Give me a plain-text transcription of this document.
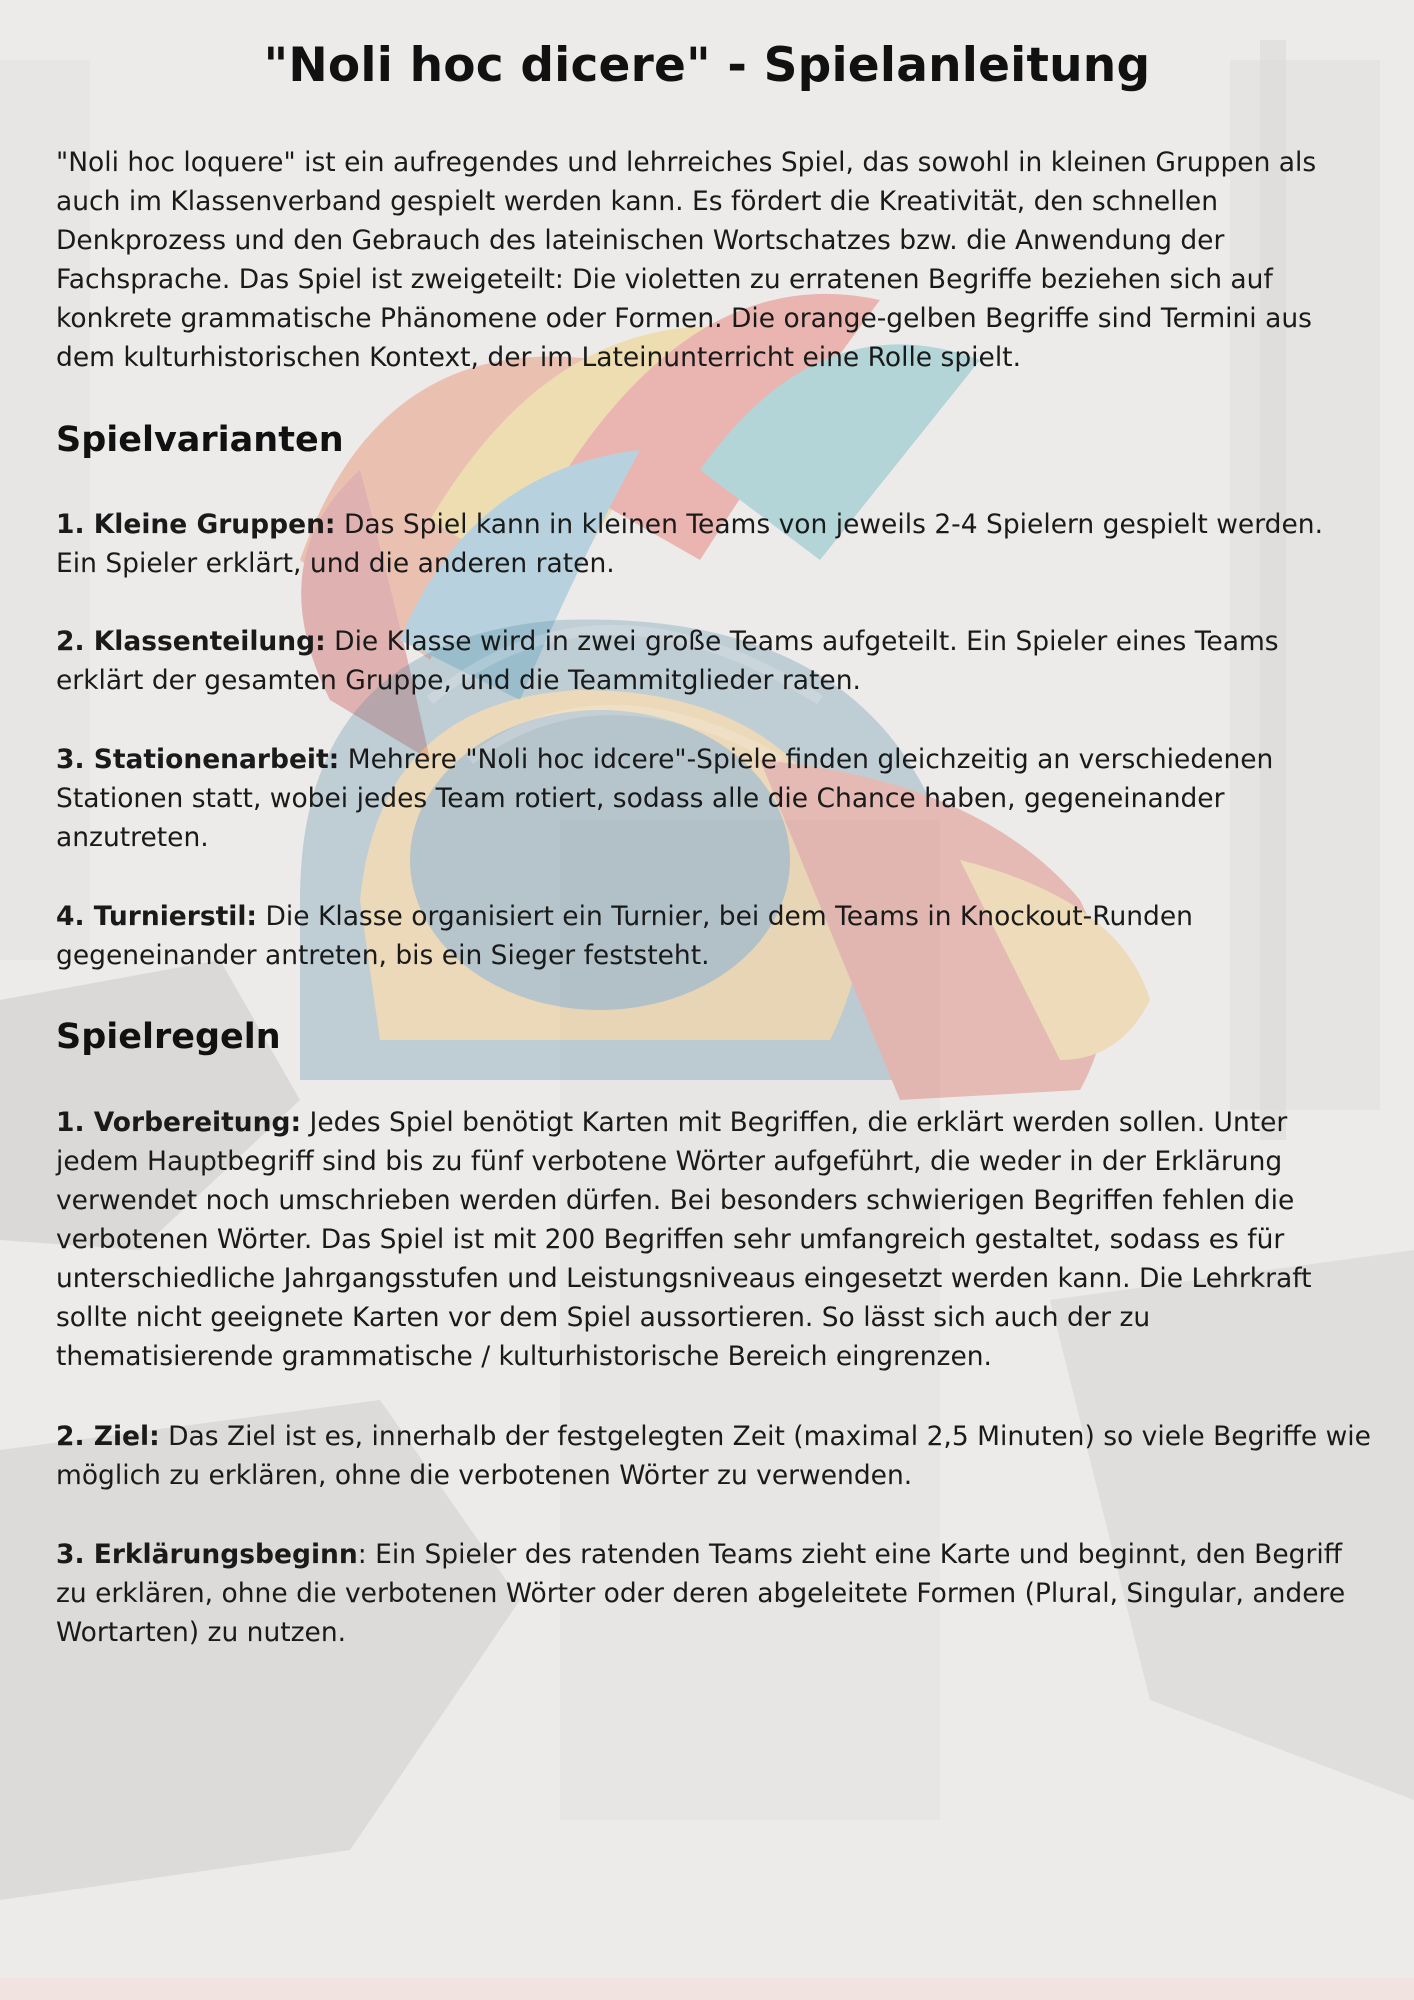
"Noli hoc dicere" - Spielanleitung

"Noli hoc loquere" ist ein aufregendes und lehrreiches Spiel, das sowohl in kleinen Gruppen als auch im Klassenverband gespielt werden kann. Es fördert die Kreativität, den schnellen Denkprozess und den Gebrauch des lateinischen Wortschatzes bzw. die Anwendung der Fachsprache. Das Spiel ist zweigeteilt: Die violetten zu erratenen Begriffe beziehen sich auf konkrete grammatische Phänomene oder Formen. Die orange-gelben Begriffe sind Termini aus dem kulturhistorischen Kontext, der im Lateinunterricht eine Rolle spielt.

Spielvarianten

1. Kleine Gruppen: Das Spiel kann in kleinen Teams von jeweils 2-4 Spielern gespielt werden. Ein Spieler erklärt, und die anderen raten.

2. Klassenteilung: Die Klasse wird in zwei große Teams aufgeteilt. Ein Spieler eines Teams erklärt der gesamten Gruppe, und die Teammitglieder raten.

3. Stationenarbeit: Mehrere "Noli hoc idcere"-Spiele finden gleichzeitig an verschiedenen Stationen statt, wobei jedes Team rotiert, sodass alle die Chance haben, gegeneinander anzutreten.

4. Turnierstil: Die Klasse organisiert ein Turnier, bei dem Teams in Knockout-Runden gegeneinander antreten, bis ein Sieger feststeht.

Spielregeln

1. Vorbereitung: Jedes Spiel benötigt Karten mit Begriffen, die erklärt werden sollen. Unter jedem Hauptbegriff sind bis zu fünf verbotene Wörter aufgeführt, die weder in der Erklärung verwendet noch umschrieben werden dürfen. Bei besonders schwierigen Begriffen fehlen die verbotenen Wörter. Das Spiel ist mit 200 Begriffen sehr umfangreich gestaltet, sodass es für unterschiedliche Jahrgangsstufen und Leistungsniveaus eingesetzt werden kann. Die Lehrkraft sollte nicht geeignete Karten vor dem Spiel aussortieren. So lässt sich auch der zu thematisierende grammatische / kulturhistorische Bereich eingrenzen.

2. Ziel: Das Ziel ist es, innerhalb der festgelegten Zeit (maximal 2,5 Minuten) so viele Begriffe wie möglich zu erklären, ohne die verbotenen Wörter zu verwenden.

3. Erklärungsbeginn: Ein Spieler des ratenden Teams zieht eine Karte und beginnt, den Begriff zu erklären, ohne die verbotenen Wörter oder deren abgeleitete Formen (Plural, Singular, andere Wortarten) zu nutzen.
